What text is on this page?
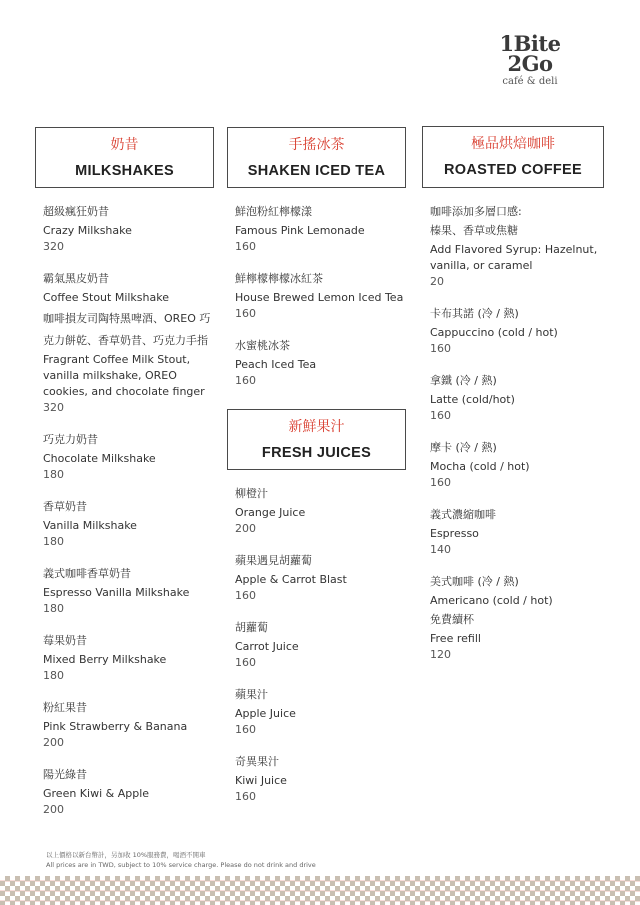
1Bite
2Go
café & deli
奶昔
MILKSHAKES
超級瘋狂奶昔
Crazy Milkshake
320
霸氣黑皮奶昔
Coffee Stout Milkshake
咖啡損友司陶特黑啤酒、OREO 巧克力餅乾、香草奶昔、巧克力手指
Fragrant Coffee Milk Stout, vanilla milkshake, OREO cookies, and chocolate finger
320
巧克力奶昔
Chocolate Milkshake
180
香草奶昔
Vanilla Milkshake
180
義式咖啡香草奶昔
Espresso Vanilla Milkshake
180
莓果奶昔
Mixed Berry Milkshake
180
粉紅果昔
Pink Strawberry & Banana
200
陽光綠昔
Green Kiwi & Apple
200
手搖冰茶
SHAKEN ICED TEA
鮮泡粉紅檸檬漾
Famous Pink Lemonade
160
鮮檸檬檸檬冰紅茶
House Brewed Lemon Iced Tea
160
水蜜桃冰茶
Peach Iced Tea
160
新鮮果汁
FRESH JUICES
柳橙汁
Orange Juice
200
蘋果遇見胡蘿蔔
Apple & Carrot Blast
160
胡蘿蔔
Carrot Juice
160
蘋果汁
Apple Juice
160
奇異果汁
Kiwi Juice
160
極品烘焙咖啡
ROASTED COFFEE
咖啡添加多層口感:
榛果、香草或焦糖
Add Flavored Syrup: Hazelnut, vanilla, or caramel
20
卡布其諾 (冷 / 熱)
Cappuccino (cold / hot)
160
拿鐵 (冷 / 熱)
Latte (cold/hot)
160
摩卡 (冷 / 熱)
Mocha (cold / hot)
160
義式濃縮咖啡
Espresso
140
美式咖啡 (冷 / 熱)
Americano (cold / hot)
免費續杯
Free refill
120
以上價格以新台幣計，另加收 10%服務費，喝酒不開車
All prices are in TWD, subject to 10% service charge. Please do not drink and drive
